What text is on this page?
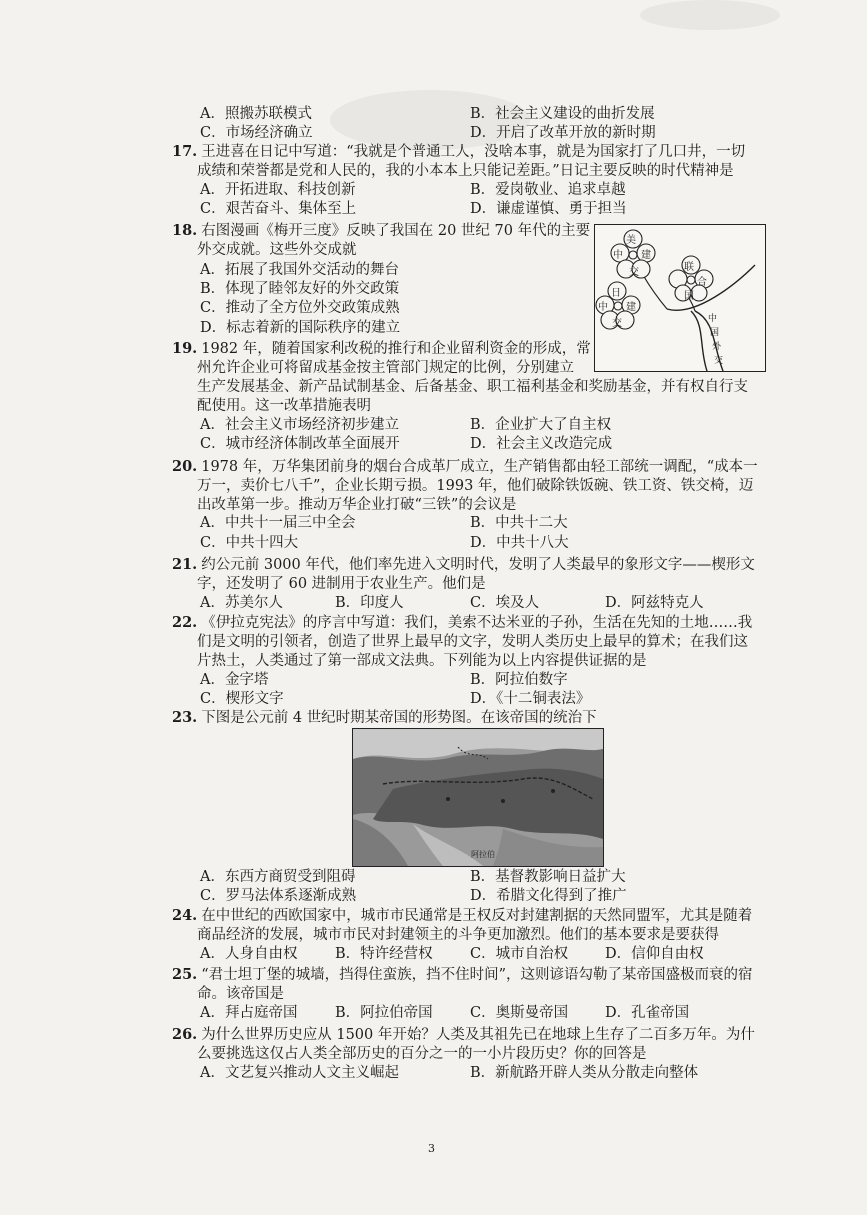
A．照搬苏联模式	B．社会主义建设的曲折发展
C．市场经济确立	D．开启了改革开放的新时期
17. 王进喜在日记中写道：“我就是个普通工人，没啥本事，就是为国家打了几口井，一切
成绩和荣誉都是党和人民的，我的小本本上只能记差距。”日记主要反映的时代精神是
A．开拓进取、科技创新	B．爱岗敬业、追求卓越
C．艰苦奋斗、集体至上	D．谦虚谨慎、勇于担当
18. 右图漫画《梅开三度》反映了我国在 20 世纪 70 年代的主要
外交成就。这些外交成就
A．拓展了我国外交活动的舞台
B．体现了睦邻友好的外交政策
C．推动了全方位外交政策成熟
D．标志着新的国际秩序的建立
美
中 建
交	联
合
国
日
中 建
交	中
国
外
交
19. 1982 年，随着国家利改税的推行和企业留利资金的形成，常
州允许企业可将留成基金按主管部门规定的比例，分别建立
生产发展基金、新产品试制基金、后备基金、职工福利基金和奖励基金，并有权自行支
配使用。这一改革措施表明
A．社会主义市场经济初步建立	B．企业扩大了自主权
C．城市经济体制改革全面展开	D．社会主义改造完成
20. 1978 年，万华集团前身的烟台合成革厂成立，生产销售都由轻工部统一调配，“成本一
万一，卖价七八千”，企业长期亏损。1993 年，他们破除铁饭碗、铁工资、铁交椅，迈
出改革第一步。推动万华企业打破“三铁”的会议是
A．中共十一届三中全会	B．中共十二大
C．中共十四大	D．中共十八大
21. 约公元前 3000 年代，他们率先进入文明时代，发明了人类最早的象形文字——楔形文
字，还发明了 60 进制用于农业生产。他们是
A．苏美尔人	B．印度人	C．埃及人	D．阿兹特克人
22. 《伊拉克宪法》的序言中写道：我们，美索不达米亚的子孙，生活在先知的土地……我
们是文明的引领者，创造了世界上最早的文字，发明人类历史上最早的算术；在我们这
片热土，人类通过了第一部成文法典。下列能为以上内容提供证据的是
A．金字塔	B．阿拉伯数字
C．楔形文字	D．《十二铜表法》
23. 下图是公元前 4 世纪时期某帝国的形势图。在该帝国的统治下
阿拉伯
A．东西方商贸受到阻碍	B．基督教影响日益扩大
C．罗马法体系逐渐成熟	D．希腊文化得到了推广
24. 在中世纪的西欧国家中，城市市民通常是王权反对封建割据的天然同盟军，尤其是随着
商品经济的发展，城市市民对封建领主的斗争更加激烈。他们的基本要求是要获得
A．人身自由权	B．特许经营权	C．城市自治权	D．信仰自由权
25. “君士坦丁堡的城墙，挡得住蛮族，挡不住时间”，这则谚语勾勒了某帝国盛极而衰的宿
命。该帝国是
A．拜占庭帝国	B．阿拉伯帝国	C．奥斯曼帝国	D．孔雀帝国
26. 为什么世界历史应从 1500 年开始？人类及其祖先已在地球上生存了二百多万年。为什
么要挑选这仅占人类全部历史的百分之一的一小片段历史？你的回答是
A．文艺复兴推动人文主义崛起	B．新航路开辟人类从分散走向整体
3
